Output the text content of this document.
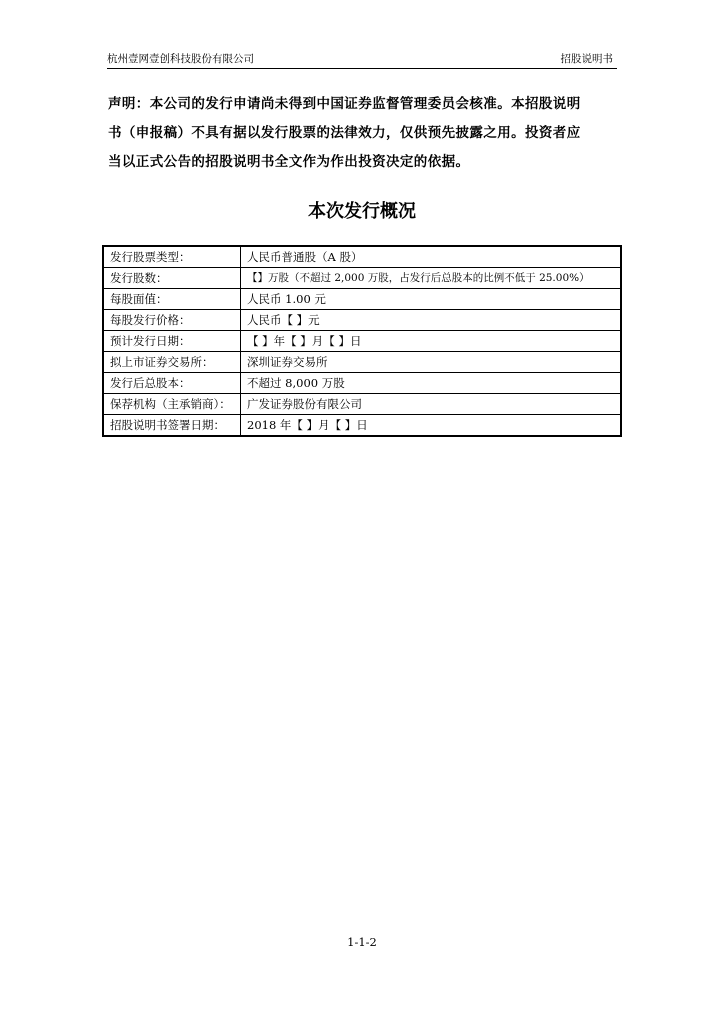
杭州壹网壹创科技股份有限公司	招股说明书
声明：本公司的发行申请尚未得到中国证券监督管理委员会核准。本招股说明
书（申报稿）不具有据以发行股票的法律效力，仅供预先披露之用。投资者应
当以正式公告的招股说明书全文作为作出投资决定的依据。
本次发行概况
发行股票类型：	人民币普通股（A 股）
发行股数：	【】万股（不超过 2,000 万股，占发行后总股本的比例不低于 25.00%）
每股面值：	人民币 1.00 元
每股发行价格：	人民币【 】元
预计发行日期：	【 】年【 】月【 】日
拟上市证券交易所：	深圳证券交易所
发行后总股本：	不超过 8,000 万股
保荐机构（主承销商）：	广发证券股份有限公司
招股说明书签署日期：	2018 年【 】月【 】日
1-1-2
